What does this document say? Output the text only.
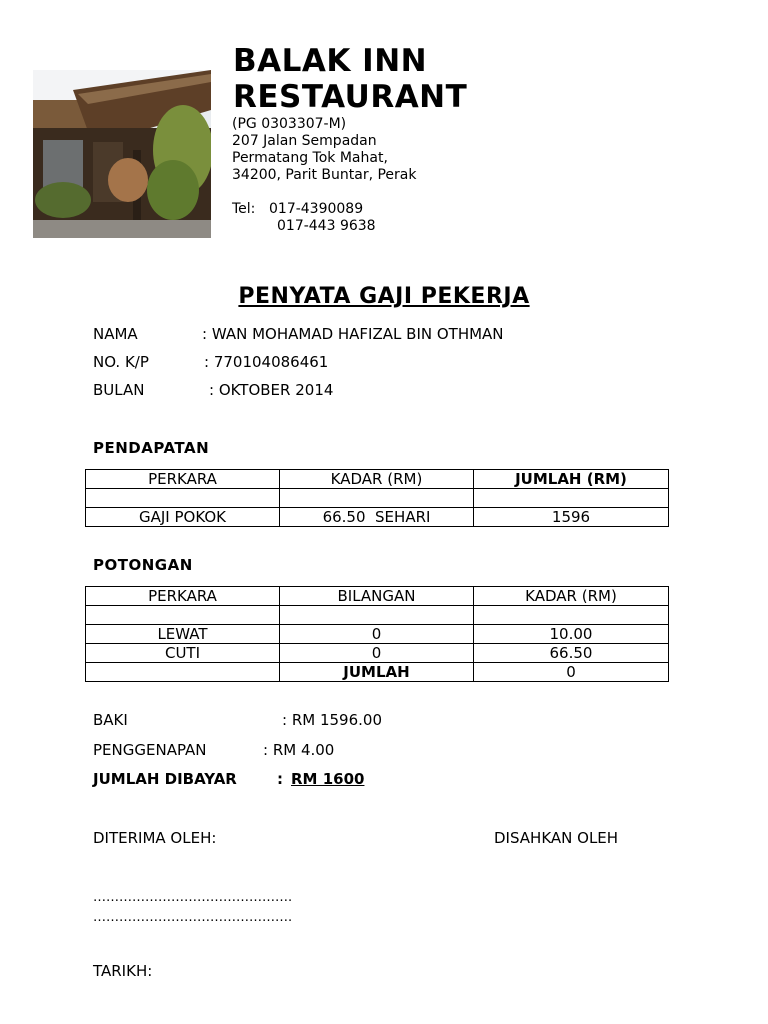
BALAK INN
RESTAURANT
(PG 0303307-M)
207 Jalan Sempadan
Permatang Tok Mahat,
34200, Parit Buntar, Perak
Tel: 017-4390089
017-443 9638
PENYATA GAJI PEKERJA
NAMA	: WAN MOHAMAD HAFIZAL BIN OTHMAN
NO. K/P	: 770104086461
BULAN	: OKTOBER 2014
PENDAPATAN
PERKARA	KADAR (RM)	JUMLAH (RM)

GAJI POKOK	66.50  SEHARI	1596
POTONGAN
PERKARA	BILANGAN	KADAR (RM)

LEWAT	0	10.00
CUTI	0	66.50
	JUMLAH	0
BAKI	: RM 1596.00
PENGGENAPAN	: RM 4.00
JUMLAH DIBAYAR	: RM 1600
DITERIMA OLEH:	DISAHKAN OLEH
……………………………………….
……………………………………….
TARIKH:
